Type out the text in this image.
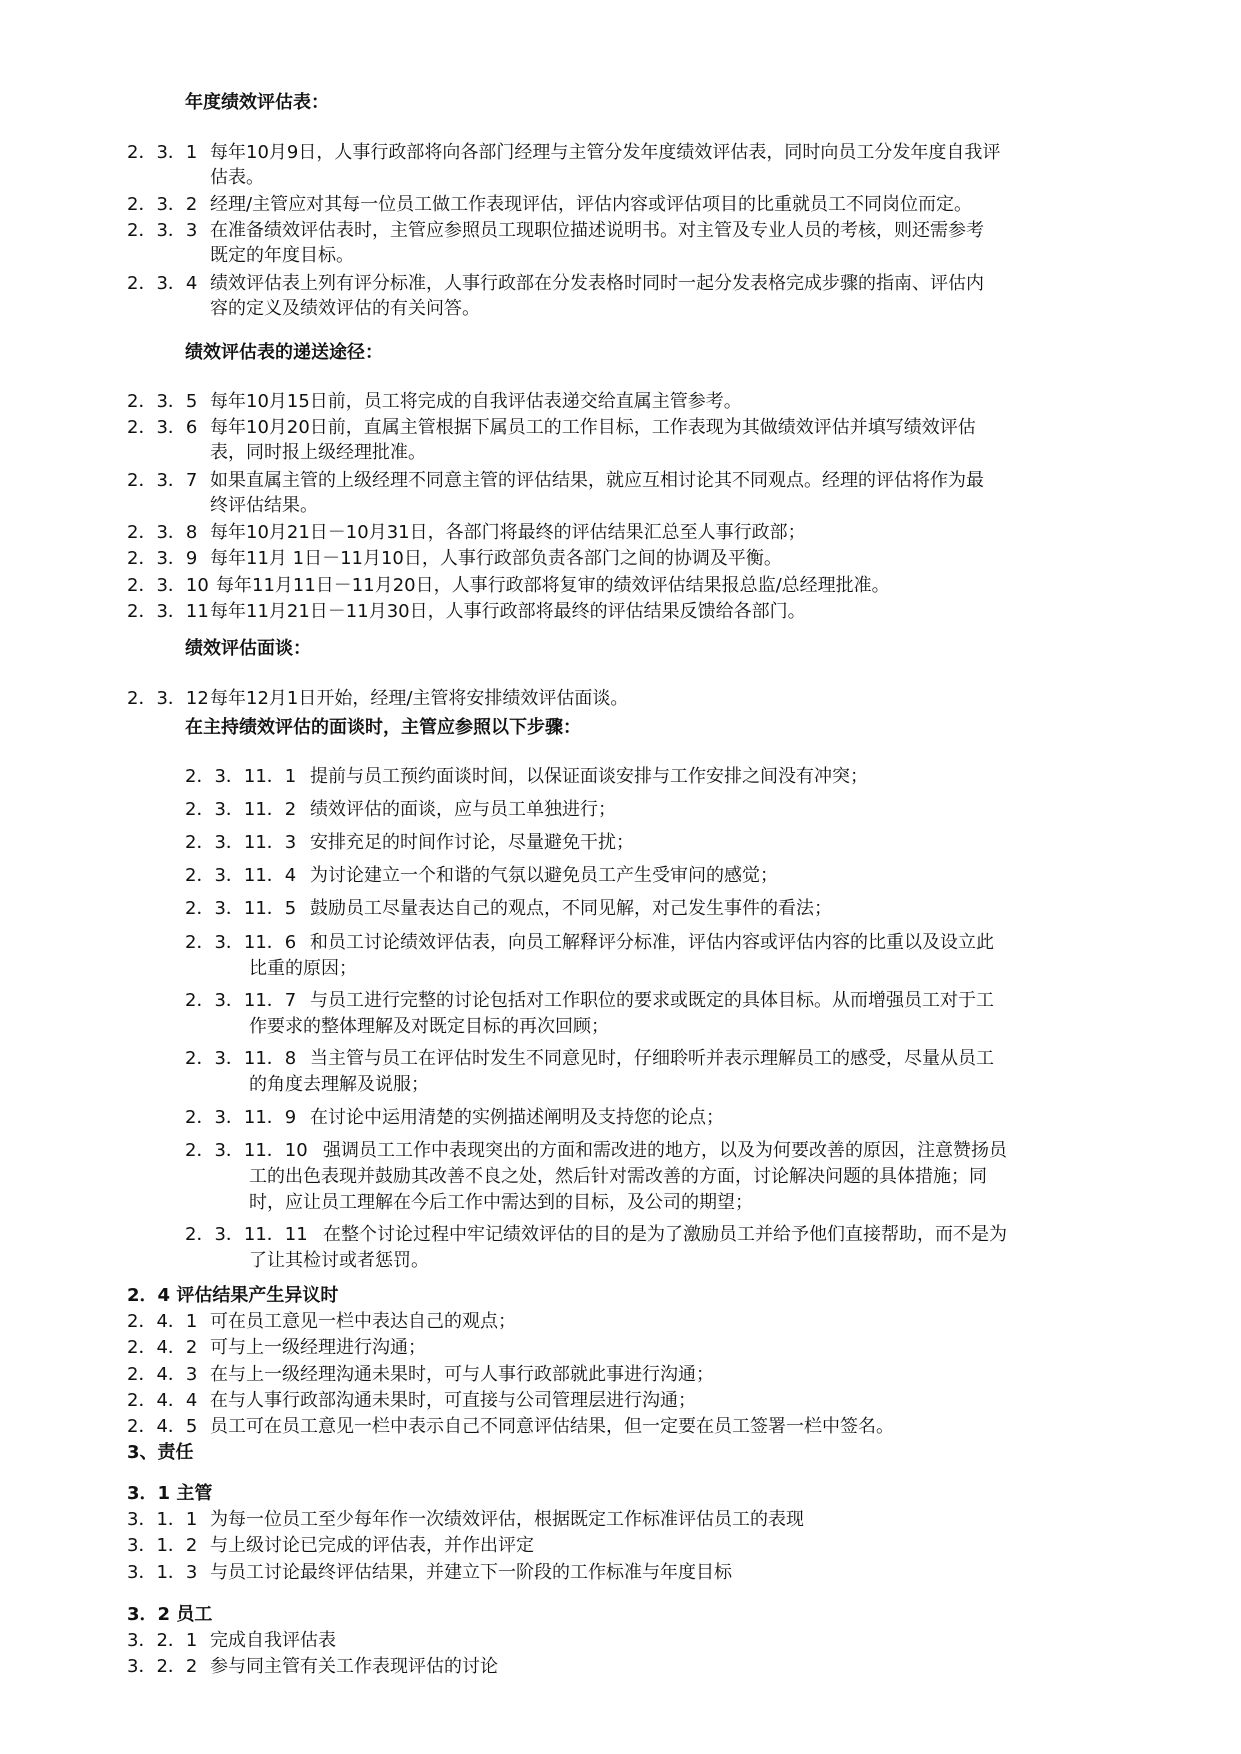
年度绩效评估表：
2．3．1 每年10月9日，人事行政部将向各部门经理与主管分发年度绩效评估表，同时向员工分发年度自我评
估表。
2．3．2 经理/主管应对其每一位员工做工作表现评估，评估内容或评估项目的比重就员工不同岗位而定。
2．3．3 在准备绩效评估表时，主管应参照员工现职位描述说明书。对主管及专业人员的考核，则还需参考
既定的年度目标。
2．3．4 绩效评估表上列有评分标准，人事行政部在分发表格时同时一起分发表格完成步骤的指南、评估内
容的定义及绩效评估的有关问答。
绩效评估表的递送途径：
2．3．5 每年10月15日前，员工将完成的自我评估表递交给直属主管参考。
2．3．6 每年10月20日前，直属主管根据下属员工的工作目标，工作表现为其做绩效评估并填写绩效评估
表，同时报上级经理批准。
2．3．7 如果直属主管的上级经理不同意主管的评估结果，就应互相讨论其不同观点。经理的评估将作为最
终评估结果。
2．3．8 每年10月21日－10月31日，各部门将最终的评估结果汇总至人事行政部；
2．3．9 每年11月 1日－11月10日，人事行政部负责各部门之间的协调及平衡。
2．3．10 每年11月11日－11月20日，人事行政部将复审的绩效评估结果报总监/总经理批准。
2．3．11每年11月21日－11月30日，人事行政部将最终的评估结果反馈给各部门。
绩效评估面谈：
2．3．12每年12月1日开始，经理/主管将安排绩效评估面谈。
在主持绩效评估的面谈时，主管应参照以下步骤：
2．3．11．1 提前与员工预约面谈时间，以保证面谈安排与工作安排之间没有冲突；
2．3．11．2 绩效评估的面谈，应与员工单独进行；
2．3．11．3 安排充足的时间作讨论，尽量避免干扰；
2．3．11．4 为讨论建立一个和谐的气氛以避免员工产生受审问的感觉；
2．3．11．5 鼓励员工尽量表达自己的观点，不同见解，对己发生事件的看法；
2．3．11．6 和员工讨论绩效评估表，向员工解释评分标准，评估内容或评估内容的比重以及设立此
比重的原因；
2．3．11．7 与员工进行完整的讨论包括对工作职位的要求或既定的具体目标。从而增强员工对于工
作要求的整体理解及对既定目标的再次回顾；
2．3．11．8 当主管与员工在评估时发生不同意见时，仔细聆听并表示理解员工的感受，尽量从员工
的角度去理解及说服；
2．3．11．9 在讨论中运用清楚的实例描述阐明及支持您的论点；
2．3．11．10 强调员工工作中表现突出的方面和需改进的地方，以及为何要改善的原因，注意赞扬员
工的出色表现并鼓励其改善不良之处，然后针对需改善的方面，讨论解决问题的具体措施；同
时，应让员工理解在今后工作中需达到的目标，及公司的期望；
2．3．11．11 在整个讨论过程中牢记绩效评估的目的是为了激励员工并给予他们直接帮助，而不是为
了让其检讨或者惩罚。
2．4 评估结果产生异议时
2．4．1 可在员工意见一栏中表达自己的观点；
2．4．2 可与上一级经理进行沟通；
2．4．3 在与上一级经理沟通未果时，可与人事行政部就此事进行沟通；
2．4．4 在与人事行政部沟通未果时，可直接与公司管理层进行沟通；
2．4．5 员工可在员工意见一栏中表示自己不同意评估结果，但一定要在员工签署一栏中签名。
3、责任
3．1 主管
3．1．1 为每一位员工至少每年作一次绩效评估，根据既定工作标准评估员工的表现
3．1．2 与上级讨论已完成的评估表，并作出评定
3．1．3 与员工讨论最终评估结果，并建立下一阶段的工作标准与年度目标
3．2 员工
3．2．1 完成自我评估表
3．2．2 参与同主管有关工作表现评估的讨论
